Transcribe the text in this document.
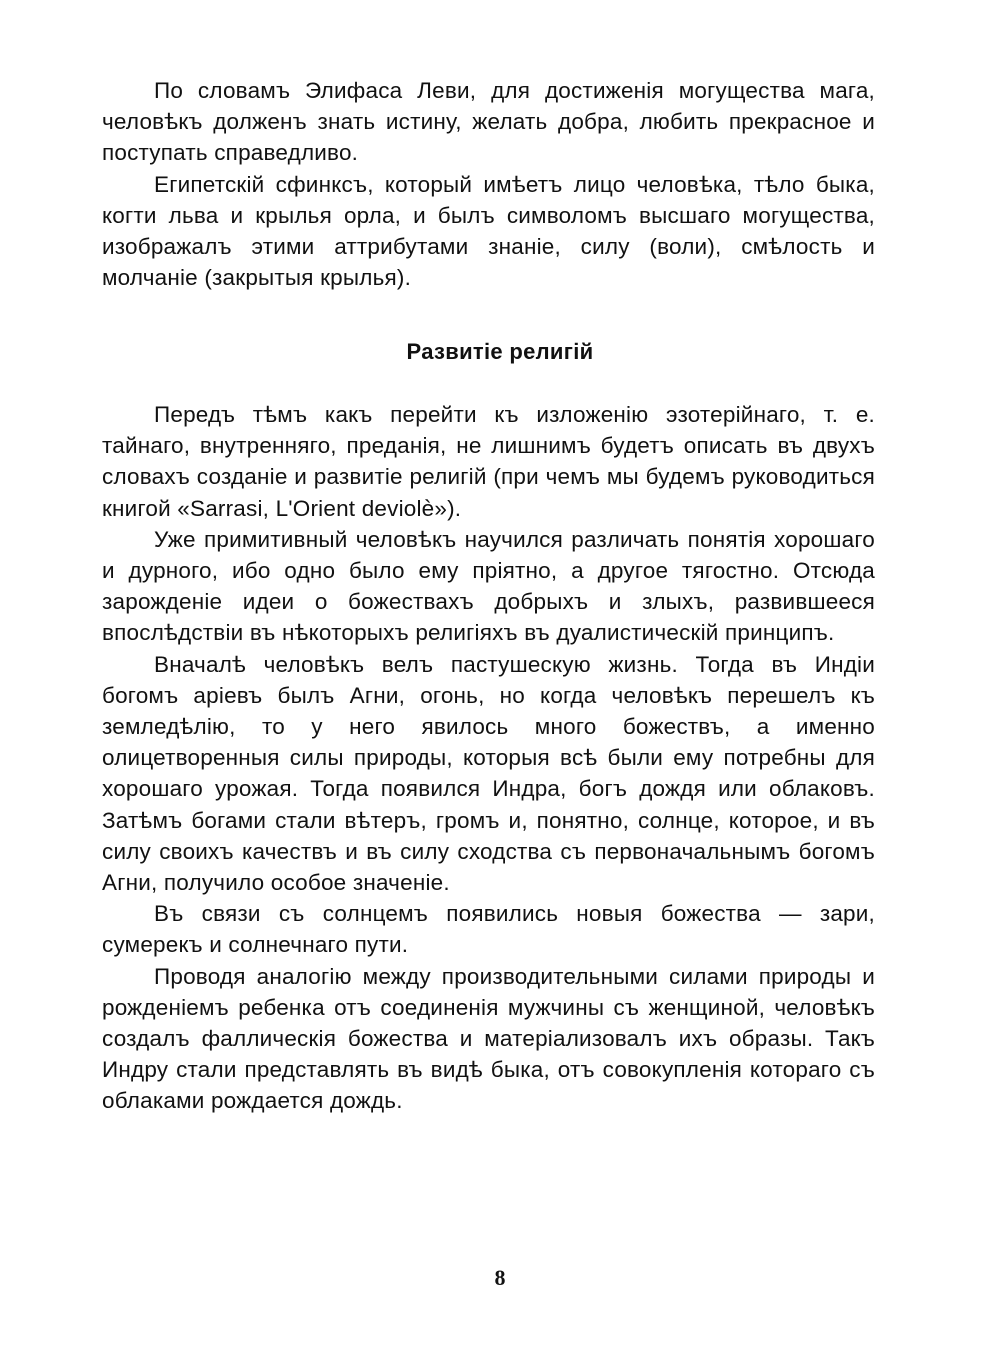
По словамъ Элифаса Леви, для достиженія могущества мага, человѣкъ долженъ знать истину, желать добра, любить прекрасное и поступать справедливо.

Египетскій сфинксъ, который имѣетъ лицо человѣка, тѣло быка, когти льва и крылья орла, и былъ символомъ высшаго могущества, изображалъ этими аттрибутами знаніе, силу (воли), смѣлость и молчаніе (закрытыя крылья).

Развитіе религій

Передъ тѣмъ какъ перейти къ изложенію эзотерійнаго, т. е. тайнаго, внутренняго, преданія, не лишнимъ будетъ описать въ двухъ словахъ созданіе и развитіе религій (при чемъ мы будемъ руководиться книгой «Sarrasi, L'Orient deviolè»).

Уже примитивный человѣкъ научился различать понятія хорошаго и дурного, ибо одно было ему пріятно, а другое тягостно. Отсюда зарожденіе идеи о божествахъ добрыхъ и злыхъ, развившееся впослѣдствіи въ нѣкоторыхъ религіяхъ въ дуалистическій принципъ.

Вначалѣ человѣкъ велъ пастушескую жизнь. Тогда въ Индіи богомъ аріевъ былъ Агни, огонь, но когда человѣкъ перешелъ къ земледѣлію, то у него явилось много божествъ, а именно олицетворенныя силы природы, которыя всѣ были ему потребны для хорошаго урожая. Тогда появился Индра, богъ дождя или облаковъ. Затѣмъ богами стали вѣтеръ, громъ и, понятно, солнце, которое, и въ силу своихъ качествъ и въ силу сходства съ первоначальнымъ богомъ Агни, получило особое значеніе.

Въ связи съ солнцемъ появились новыя божества — зари, сумерекъ и солнечнаго пути.

Проводя аналогію между производительными силами природы и рожденіемъ ребенка отъ соединенія мужчины съ женщиной, человѣкъ создалъ фаллическія божества и матеріализовалъ ихъ образы. Такъ Индру стали представлять въ видѣ быка, отъ совокупленія котораго съ облаками рождается дождь.

8
